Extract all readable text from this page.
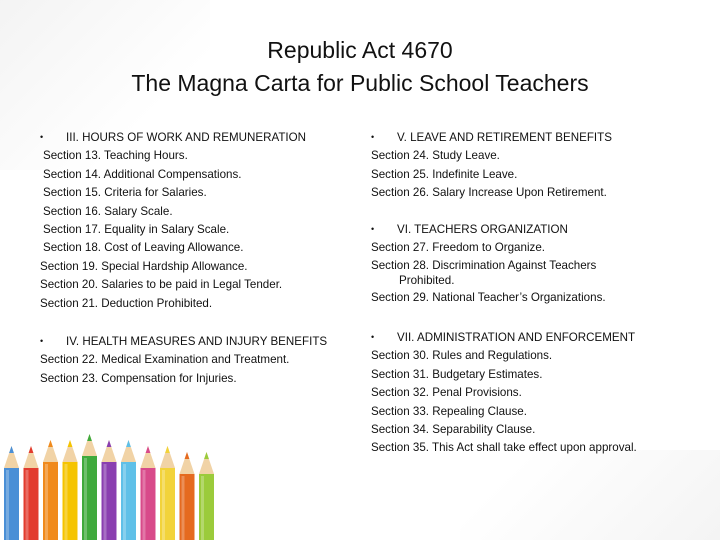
Republic Act 4670
The Magna Carta for Public School Teachers
• III. HOURS OF WORK AND REMUNERATION
Section 13. Teaching Hours.
Section 14. Additional Compensations.
Section 15. Criteria for Salaries.
Section 16. Salary Scale.
Section 17. Equality in Salary Scale.
Section 18. Cost of Leaving Allowance.
Section 19. Special Hardship Allowance.
Section 20. Salaries to be paid in Legal Tender.
Section 21. Deduction Prohibited.
• IV. HEALTH MEASURES AND INJURY BENEFITS
Section 22. Medical Examination and Treatment.
Section 23. Compensation for Injuries.
• V. LEAVE AND RETIREMENT BENEFITS
Section 24. Study Leave.
Section 25. Indefinite Leave.
Section 26. Salary Increase Upon Retirement.
• VI. TEACHERS ORGANIZATION
Section 27. Freedom to Organize.
Section 28. Discrimination Against Teachers
Prohibited.
Section 29. National Teacher’s Organizations.
• VII. ADMINISTRATION AND ENFORCEMENT
Section 30. Rules and Regulations.
Section 31. Budgetary Estimates.
Section 32. Penal Provisions.
Section 33. Repealing Clause.
Section 34. Separability Clause.
Section 35. This Act shall take effect upon approval.
